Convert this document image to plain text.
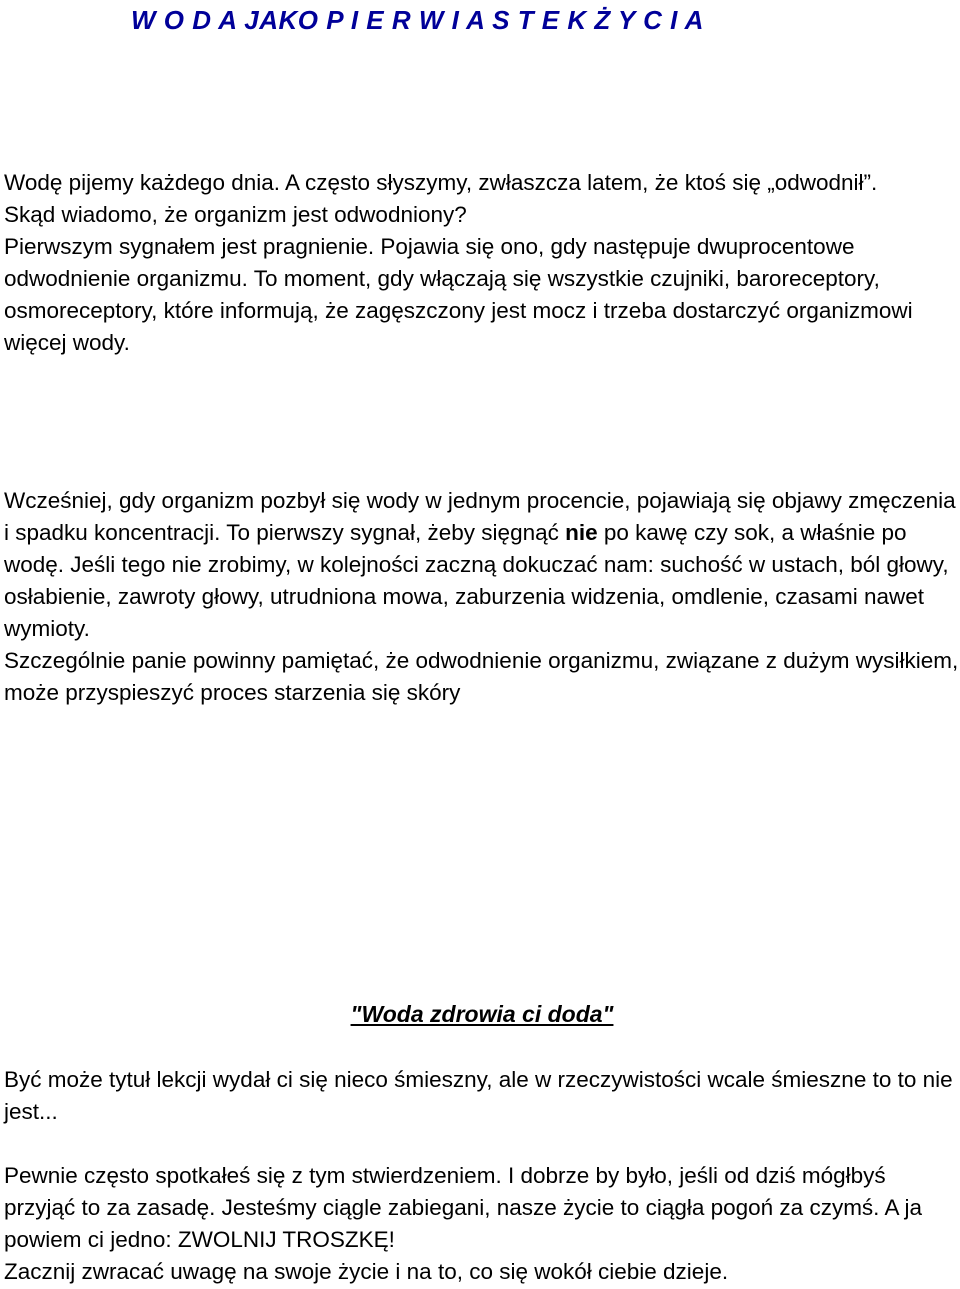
W O D A JAKO P I E R W I A S T E K Ż Y C I A

Wodę pijemy każdego dnia. A często słyszymy, zwłaszcza latem, że ktoś się „odwodnił”.

Skąd wiadomo, że organizm jest odwodniony?

Pierwszym sygnałem jest pragnienie. Pojawia się ono, gdy następuje dwuprocentowe odwodnienie organizmu. To moment, gdy włączają się wszystkie czujniki, baroreceptory, osmoreceptory, które informują, że zagęszczony jest mocz i trzeba dostarczyć organizmowi więcej wody.

Wcześniej, gdy organizm pozbył się wody w jednym procencie, pojawiają się objawy zmęczenia i spadku koncentracji. To pierwszy sygnał, żeby sięgnąć nie po kawę czy sok, a właśnie po wodę. Jeśli tego nie zrobimy, w kolejności zaczną dokuczać nam: suchość w ustach, ból głowy, osłabienie, zawroty głowy, utrudniona mowa, zaburzenia widzenia, omdlenie, czasami nawet wymioty.

Szczególnie panie powinny pamiętać, że odwodnienie organizmu, związane z dużym wysiłkiem, może przyspieszyć proces starzenia się skóry

"Woda zdrowia ci doda"

Być może tytuł lekcji wydał ci się nieco śmieszny, ale w rzeczywistości wcale śmieszne to to nie jest...

Pewnie często spotkałeś się z tym stwierdzeniem. I dobrze by było, jeśli od dziś mógłbyś przyjąć to za zasadę. Jesteśmy ciągle zabiegani, nasze życie to ciągła pogoń za czymś. A ja powiem ci jedno: ZWOLNIJ TROSZKĘ!

Zacznij zwracać uwagę na swoje życie i na to, co się wokół ciebie dzieje.
